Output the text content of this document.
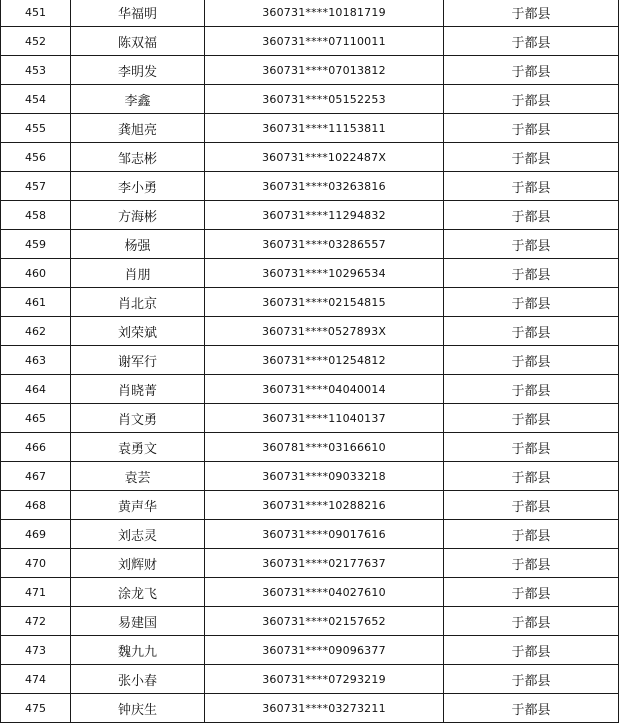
451	华福明	360731****10181719	于都县
452	陈双福	360731****07110011	于都县
453	李明发	360731****07013812	于都县
454	李鑫	360731****05152253	于都县
455	龚旭亮	360731****11153811	于都县
456	邹志彬	360731****1022487X	于都县
457	李小勇	360731****03263816	于都县
458	方海彬	360731****11294832	于都县
459	杨强	360731****03286557	于都县
460	肖朋	360731****10296534	于都县
461	肖北京	360731****02154815	于都县
462	刘荣斌	360731****0527893X	于都县
463	谢军行	360731****01254812	于都县
464	肖晓菁	360731****04040014	于都县
465	肖文勇	360731****11040137	于都县
466	袁勇文	360781****03166610	于都县
467	袁芸	360731****09033218	于都县
468	黄声华	360731****10288216	于都县
469	刘志灵	360731****09017616	于都县
470	刘辉财	360731****02177637	于都县
471	涂龙飞	360731****04027610	于都县
472	易建国	360731****02157652	于都县
473	魏九九	360731****09096377	于都县
474	张小春	360731****07293219	于都县
475	钟庆生	360731****03273211	于都县
